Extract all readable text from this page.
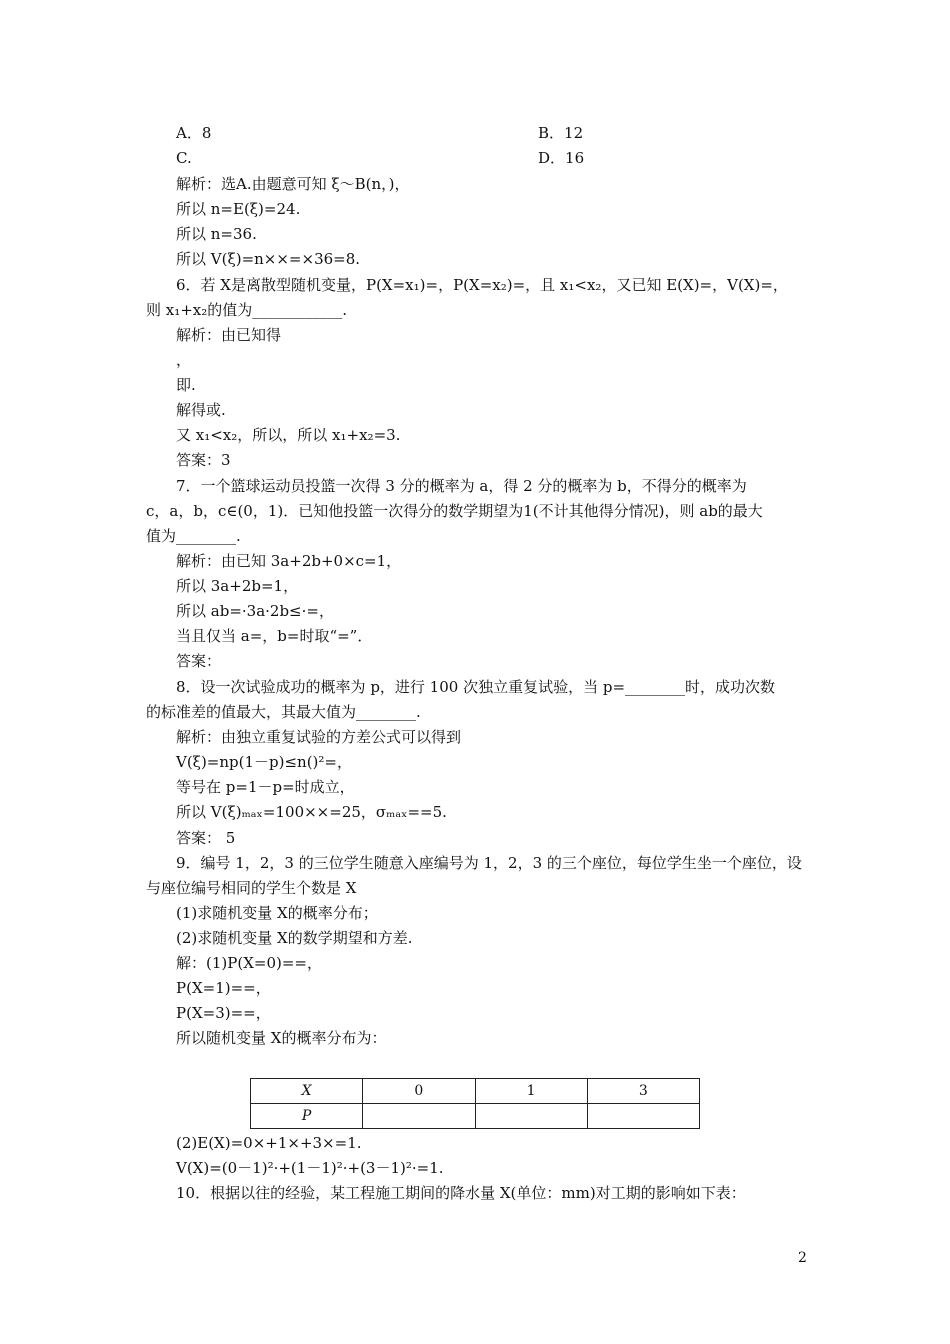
A．8	B．12
C.	D．16
解析：选A.由题意可知 ξ～B(n，)，
所以 n=E(ξ)=24.
所以 n=36.
所以 V(ξ)=n××=×36=8.
6．若 X是离散型随机变量，P(X=x₁)=，P(X=x₂)=，且 x₁<x₂，又已知 E(X)=，V(X)=，
则 x₁+x₂的值为____________.
解析：由已知得
，
即.
解得或.
又 x₁<x₂，所以，所以 x₁+x₂=3.
答案：3
7．一个篮球运动员投篮一次得 3 分的概率为 a，得 2 分的概率为 b，不得分的概率为
c，a，b，c∈(0，1)．已知他投篮一次得分的数学期望为1(不计其他得分情况)，则 ab的最大
值为________.
解析：由已知 3a+2b+0×c=1，
所以 3a+2b=1，
所以 ab=·3a·2b≤·=，
当且仅当 a=，b=时取“=”．
答案：
8．设一次试验成功的概率为 p，进行 100 次独立重复试验，当 p=________时，成功次数
的标准差的值最大，其最大值为________.
解析：由独立重复试验的方差公式可以得到
V(ξ)=np(1－p)≤n()²=，
等号在 p=1－p=时成立，
所以 V(ξ)ₘₐₓ=100××=25，σₘₐₓ==5.
答案： 5
9．编号 1，2，3 的三位学生随意入座编号为 1，2，3 的三个座位，每位学生坐一个座位，设
与座位编号相同的学生个数是 X
(1)求随机变量 X的概率分布；
(2)求随机变量 X的数学期望和方差.
解：(1)P(X=0)==，
P(X=1)==，
P(X=3)==，
所以随机变量 X的概率分布为：
X	0	1	3
P			
(2)E(X)=0×+1×+3×=1.
V(X)=(0－1)²·+(1－1)²·+(3－1)²·=1.
10．根据以往的经验，某工程施工期间的降水量 X(单位：mm)对工期的影响如下表：
2
